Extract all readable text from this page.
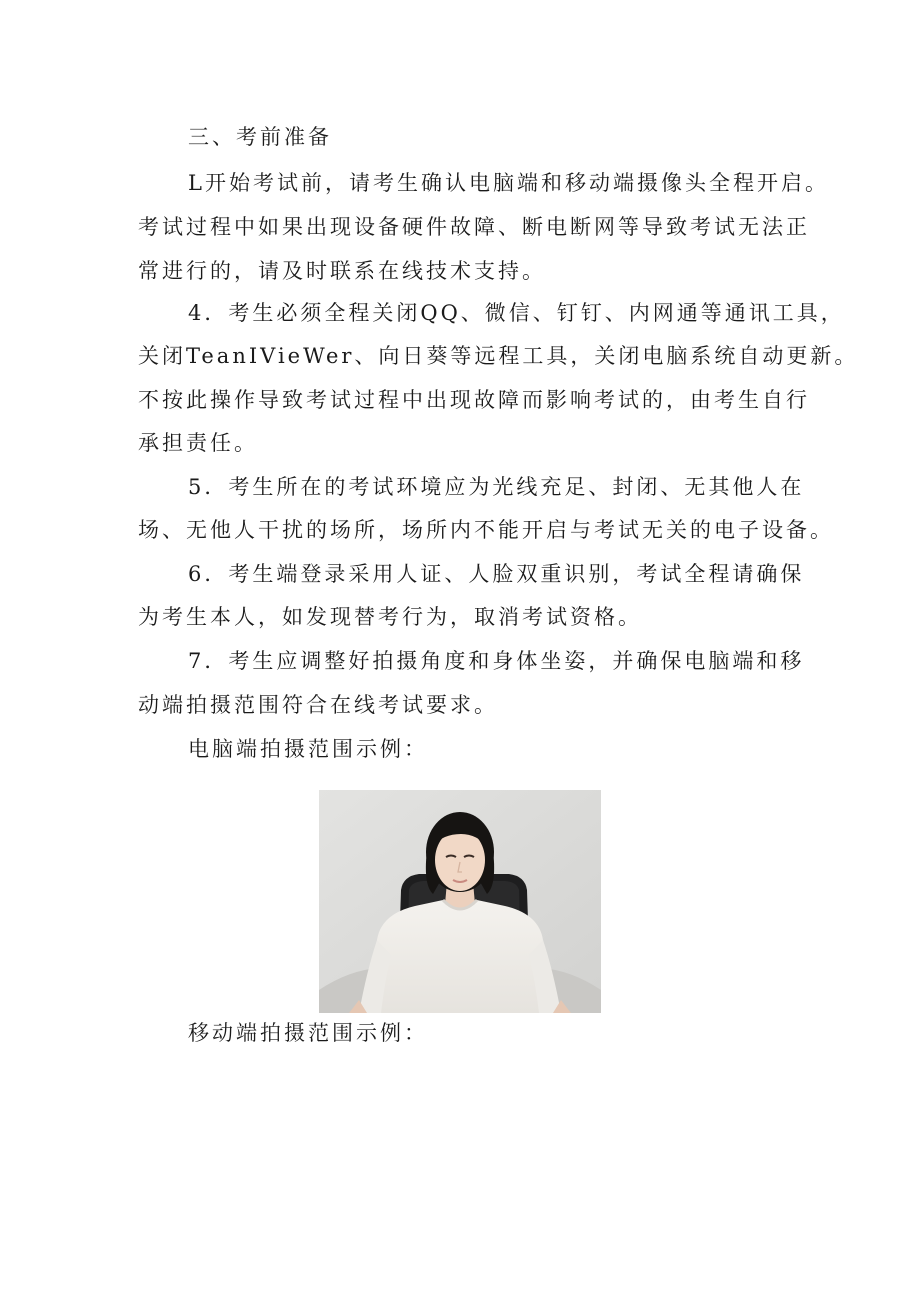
三、考前准备
L开始考试前，请考生确认电脑端和移动端摄像头全程开启。
考试过程中如果出现设备硬件故障、断电断网等导致考试无法正
常进行的，请及时联系在线技术支持。
4．考生必须全程关闭QQ、微信、钉钉、内网通等通讯工具，
关闭TeanIVieWer、向日葵等远程工具，关闭电脑系统自动更新。
不按此操作导致考试过程中出现故障而影响考试的，由考生自行
承担责任。
5．考生所在的考试环境应为光线充足、封闭、无其他人在
场、无他人干扰的场所，场所内不能开启与考试无关的电子设备。
6．考生端登录采用人证、人脸双重识别，考试全程请确保
为考生本人，如发现替考行为，取消考试资格。
7．考生应调整好拍摄角度和身体坐姿，并确保电脑端和移
动端拍摄范围符合在线考试要求。
电脑端拍摄范围示例：
移动端拍摄范围示例：
